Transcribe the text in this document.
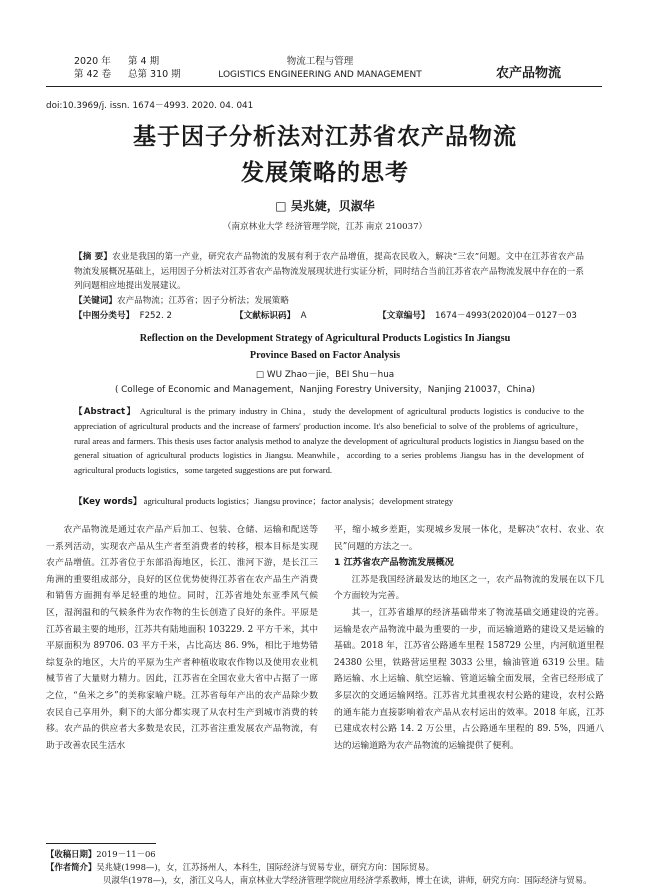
2020 年 第 4 期
第 42 卷 总第 310 期
物流工程与管理
LOGISTICS ENGINEERING AND MANAGEMENT	农产品物流
doi:10.3969/j. issn. 1674－4993. 2020. 04. 041
基于因子分析法对江苏省农产品物流
发展策略的思考
□ 吴兆婕，贝淑华
（南京林业大学 经济管理学院，江苏 南京 210037）
【摘 要】农业是我国的第一产业，研究农产品物流的发展有利于农产品增值，提高农民收入，解决“三农”问题。文中在江苏省农产品物流发展概况基础上，运用因子分析法对江苏省农产品物流发展现状进行实证分析，同时结合当前江苏省农产品物流发展中存在的一系列问题相应地提出发展建议。
【关键词】农产品物流；江苏省；因子分析法；发展策略
【中图分类号】 F252. 2	【文献标识码】 A	【文章编号】 1674－4993(2020)04－0127－03
Reflection on the Development Strategy of Agricultural Products Logistics In Jiangsu
Province Based on Factor Analysis
□ WU Zhao－jie，BEI Shu－hua
( College of Economic and Management，Nanjing Forestry University，Nanjing 210037，China)
【Abstract】 Agricultural is the primary industry in China，study the development of agricultural products logistics is conducive to the appreciation of agricultural products and the increase of farmers' production income. It's also beneficial to solve of the problems of agriculture，rural areas and farmers. This thesis uses factor analysis method to analyze the development of agricultural products logistics in Jiangsu based on the general situation of agricultural products logistics in Jiangsu. Meanwhile，according to a series problems Jiangsu has in the development of agricultural products logistics，some targeted suggestions are put forward.
【Key words】 agricultural products logistics；Jiangsu province；factor analysis；development strategy

农产品物流是通过农产品产后加工、包装、仓储、运输和配送等一系列活动，实现农产品从生产者至消费者的转移，根本目标是实现农产品增值。江苏省位于东部沿海地区，长江、淮河下游，是长江三角洲的重要组成部分，良好的区位优势使得江苏省在农产品生产消费和销售方面拥有举足轻重的地位。同时，江苏省地处东亚季风气候区，湿润温和的气候条件为农作物的生长创造了良好的条件。平原是江苏省最主要的地形，江苏共有陆地面积 103229. 2 平方千米，其中平原面积为 89706. 03 平方千米，占比高达 86. 9%，相比于地势错综复杂的地区，大片的平原为生产者种植收取农作物以及使用农业机械节省了大量财力精力。因此，江苏省在全国农业大省中占据了一席之位，“鱼米之乡”的美称家喻户晓。江苏省每年产出的农产品除少数农民自己享用外，剩下的大部分都实现了从农村生产到城市消费的转移。农产品的供应者大多数是农民，江苏省注重发展农产品物流，有助于改善农民生活水

平，缩小城乡差距，实现城乡发展一体化，是解决“农村、农业、农民”问题的方法之一。

1 江苏省农产品物流发展概况

江苏是我国经济最发达的地区之一，农产品物流的发展在以下几个方面较为完善。

其一，江苏省雄厚的经济基础带来了物流基础交通建设的完善。运输是农产品物流中最为重要的一步，而运输道路的建设又是运输的基础。2018 年，江苏省公路通车里程 158729 公里，内河航道里程 24380 公里，铁路营运里程 3033 公里，输油管道 6319 公里。陆路运输、水上运输、航空运输、管道运输全面发展，全省已经形成了多层次的交通运输网络。江苏省尤其重视农村公路的建设，农村公路的通车能力直接影响着农产品从农村运出的效率。2018 年底，江苏已建成农村公路 14. 2 万公里，占公路通车里程的 89. 5%，四通八达的运输道路为农产品物流的运输提供了便利。

【收稿日期】2019－11－06
【作者简介】吴兆婕(1998—)，女，江苏扬州人，本科生，国际经济与贸易专业，研究方向：国际贸易。
贝淑华(1978—)，女，浙江义乌人，南京林业大学经济管理学院应用经济学系教师，博士在读，讲师，研究方向：国际经济与贸易。
